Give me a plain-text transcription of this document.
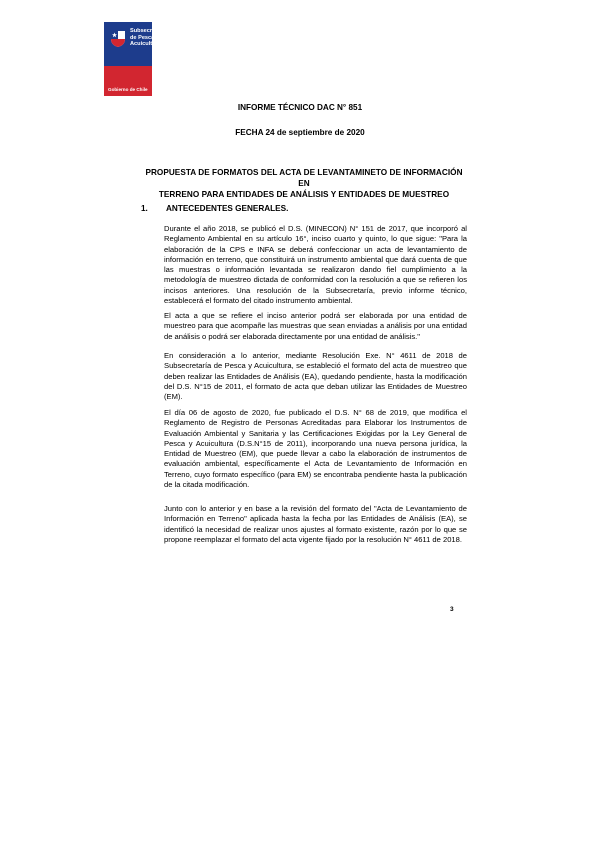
Subsecretaría
de Pesca y
Acuicultura
Gobierno de Chile
INFORME TÉCNICO DAC N° 851
FECHA 24 de septiembre de 2020
PROPUESTA DE FORMATOS DEL ACTA DE LEVANTAMINETO DE INFORMACIÓN EN
TERRENO PARA ENTIDADES DE ANÁLISIS Y ENTIDADES DE MUESTREO
1. ANTECEDENTES GENERALES.

Durante el año 2018, se publicó el D.S. (MINECON) N° 151 de 2017, que incorporó al Reglamento Ambiental en su artículo 16°, inciso cuarto y quinto, lo que sigue: "Para la elaboración de la CPS e INFA se deberá confeccionar un acta de levantamiento de información en terreno, que constituirá un instrumento ambiental que dará cuenta de que las muestras o información levantada se realizaron dando fiel cumplimiento a la metodología de muestreo dictada de conformidad con la resolución a que se refieren los incisos anteriores. Una resolución de la Subsecretaría, previo informe técnico, establecerá el formato del citado instrumento ambiental.

El acta a que se refiere el inciso anterior podrá ser elaborada por una entidad de muestreo para que acompañe las muestras que sean enviadas a análisis por una entidad de análisis o podrá ser elaborada directamente por una entidad de análisis."

En consideración a lo anterior, mediante Resolución Exe. N° 4611 de 2018 de Subsecretaría de Pesca y Acuicultura, se estableció el formato del acta de muestreo que deben realizar las Entidades de Análisis (EA), quedando pendiente, hasta la modificación del D.S. N°15 de 2011, el formato de acta que deban utilizar las Entidades de Muestreo (EM).

El día 06 de agosto de 2020, fue publicado el D.S. N° 68 de 2019, que modifica el Reglamento de Registro de Personas Acreditadas para Elaborar los Instrumentos de Evaluación Ambiental y Sanitaria y las Certificaciones Exigidas por la Ley General de Pesca y Acuicultura (D.S.N°15 de 2011), incorporando una nueva persona jurídica, la Entidad de Muestreo (EM), que puede llevar a cabo la elaboración de instrumentos de evaluación ambiental, específicamente el Acta de Levantamiento de Información en Terreno, cuyo formato específico (para EM) se encontraba pendiente hasta la publicación de la citada modificación.

Junto con lo anterior y en base a la revisión del formato del "Acta de Levantamiento de Información en Terreno" aplicada hasta la fecha por las Entidades de Análisis (EA), se identificó la necesidad de realizar unos ajustes al formato existente, razón por lo que se propone reemplazar el formato del acta vigente fijado por la resolución N° 4611 de 2018.

3
